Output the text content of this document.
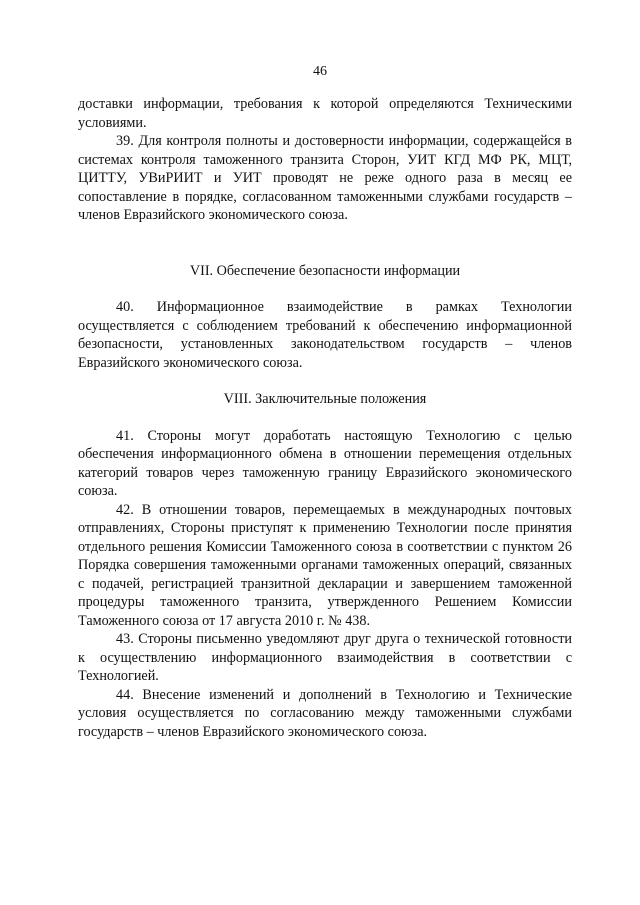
46

доставки информации, требования к которой определяются Техническими условиями.

39. Для контроля полноты и достоверности информации, содержащейся в системах контроля таможенного транзита Сторон, УИТ КГД МФ РК, МЦТ, ЦИТТУ, УВиРИИТ и УИТ проводят не реже одного раза в месяц ее сопоставление в порядке, согласованном таможенными службами государств – членов Евразийского экономического союза.

VII. Обеспечение безопасности информации

40. Информационное взаимодействие в рамках Технологии осуществляется с соблюдением требований к обеспечению информационной безопасности, установленных законодательством государств – членов Евразийского экономического союза.

VIII. Заключительные положения

41. Стороны могут доработать настоящую Технологию с целью обеспечения информационного обмена в отношении перемещения отдельных категорий товаров через таможенную границу Евразийского экономического союза.

42. В отношении товаров, перемещаемых в международных почтовых отправлениях, Стороны приступят к применению Технологии после принятия отдельного решения Комиссии Таможенного союза в соответствии с пунктом 26 Порядка совершения таможенными органами таможенных операций, связанных с подачей, регистрацией транзитной декларации и завершением таможенной процедуры таможенного транзита, утвержденного Решением Комиссии Таможенного союза от 17 августа 2010 г. № 438.

43. Стороны письменно уведомляют друг друга о технической готовности к осуществлению информационного взаимодействия в соответствии с Технологией.

44. Внесение изменений и дополнений в Технологию и Технические условия осуществляется по согласованию между таможенными службами государств – членов Евразийского экономического союза.
